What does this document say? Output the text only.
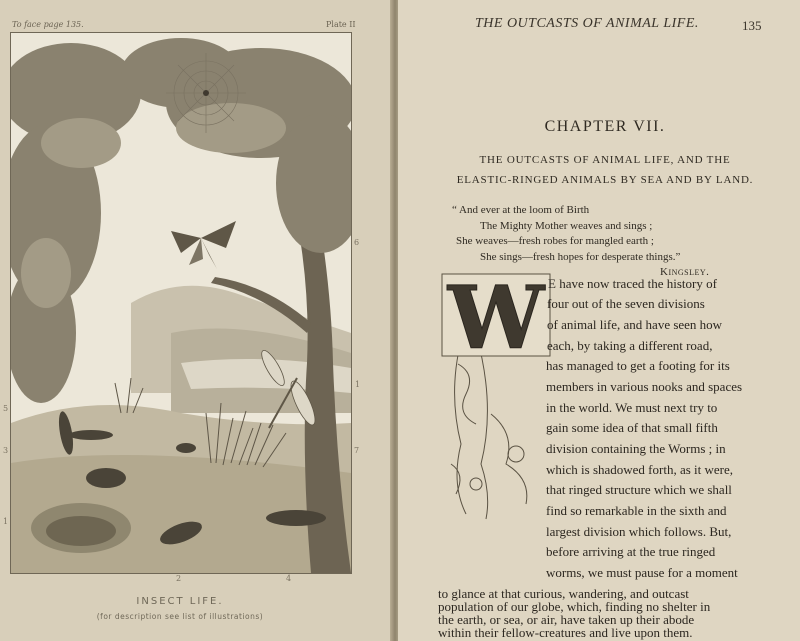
To face page 135.	Plate II
6
1
7
5
3
1
2	4
INSECT LIFE.
(for description see list of illustrations)
THE OUTCASTS OF ANIMAL LIFE.	135
CHAPTER VII.
THE OUTCASTS OF ANIMAL LIFE, AND THE
ELASTIC-RINGED ANIMALS BY SEA AND BY LAND.
“ And ever at the loom of Birth
The Mighty Mother weaves and sings ;
She weaves—fresh robes for mangled earth ;
She sings—fresh hopes for desperate things.”
Kingsley.
W E have now traced the history of
four out of the seven divisions
of animal life, and have seen how
each, by taking a different road,
has managed to get a footing for its
members in various nooks and spaces
in the world. We must next try to
gain some idea of that small fifth
division containing the Worms ; in
which is shadowed forth, as it were,
that ringed structure which we shall
find so remarkable in the sixth and
largest division which follows. But,
before arriving at the true ringed
worms, we must pause for a moment
to glance at that curious, wandering, and outcast
population of our globe, which, finding no shelter in
the earth, or sea, or air, have taken up their abode
within their fellow-creatures and live upon them.
